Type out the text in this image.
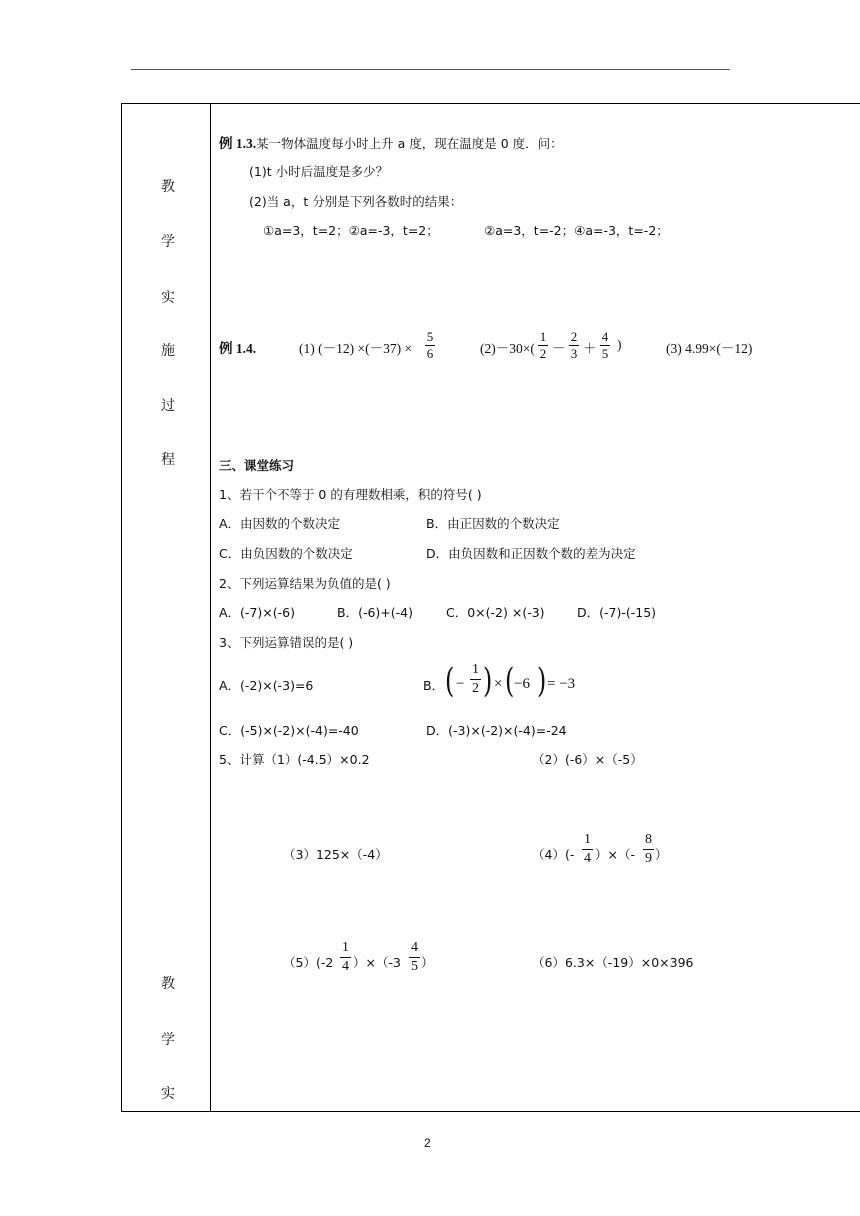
教
学
实
施
过
程
教
学
实
例 1.3.某一物体温度每小时上升 a 度，现在温度是 0 度．问：
(1)t 小时后温度是多少？
(2)当 a，t 分别是下列各数时的结果：
①a=3，t=2；②a=-3，t=2；	②a=3，t=-2；④a=-3，t=-2；
例 1.4.	(1) (－12) ×(－37) ×
5
6	(2)－30×(
1
2 －
2
3 ＋
4
5
)	(3) 4.99×(－12)
三、课堂练习
1、若干个不等于 0 的有理数相乘，积的符号( )
A．由因数的个数决定	B．由正因数的个数决定
C．由负因数的个数决定	D．由负因数和正因数个数的差为决定
2、下列运算结果为负值的是( )
A．(-7)×(-6)	B．(-6)+(-4)	C．0×(-2) ×(-3)	D．(-7)-(-15)
3、下列运算错误的是( )
A．(-2)×(-3)=6	B． ( −
1
2 ) × ( −6 ) = −3
C．(-5)×(-2)×(-4)=-40	D．(-3)×(-2)×(-4)=-24
5、计算（1）(-4.5）×0.2	（2）(-6）×（-5）
（3）125×（-4）	（4）(-
1
4 ）×（-
8
9 ）
（5）(-2
1
4 ）×（-3
4
5 ）	（6）6.3×（-19）×0×396
2
